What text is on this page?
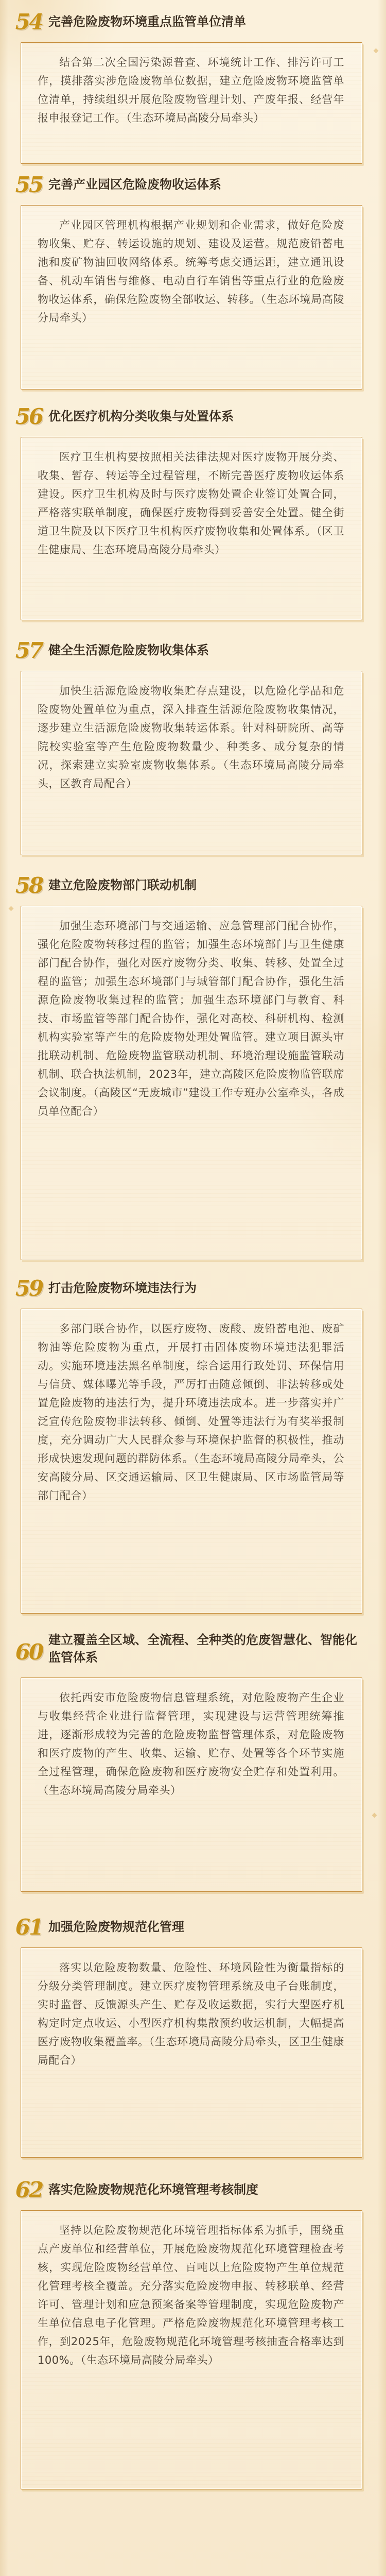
54 完善危险废物环境重点监管单位清单
结合第二次全国污染源普查、环境统计工作、排污许可工作，摸排落实涉危险废物单位数据，建立危险废物环境监管单位清单，持续组织开展危险废物管理计划、产废年报、经营年报申报登记工作。（生态环境局高陵分局牵头）
55 完善产业园区危险废物收运体系
产业园区管理机构根据产业规划和企业需求，做好危险废物收集、贮存、转运设施的规划、建设及运营。规范废铅蓄电池和废矿物油回收网络体系。统筹考虑交通运距，建立通讯设备、机动车销售与维修、电动自行车销售等重点行业的危险废物收运体系，确保危险废物全部收运、转移。（生态环境局高陵分局牵头）
56 优化医疗机构分类收集与处置体系
医疗卫生机构要按照相关法律法规对医疗废物开展分类、收集、暂存、转运等全过程管理，不断完善医疗废物收运体系建设。医疗卫生机构及时与医疗废物处置企业签订处置合同，严格落实联单制度，确保医疗废物得到妥善安全处置。健全街道卫生院及以下医疗卫生机构医疗废物收集和处置体系。（区卫生健康局、生态环境局高陵分局牵头）
57 健全生活源危险废物收集体系
加快生活源危险废物收集贮存点建设，以危险化学品和危险废物处置单位为重点，深入排查生活源危险废物收集情况，逐步建立生活源危险废物收集转运体系。针对科研院所、高等院校实验室等产生危险废物数量少、种类多、成分复杂的情况，探索建立实验室废物收集体系。（生态环境局高陵分局牵头，区教育局配合）
58 建立危险废物部门联动机制
加强生态环境部门与交通运输、应急管理部门配合协作，强化危险废物转移过程的监管；加强生态环境部门与卫生健康部门配合协作，强化对医疗废物分类、收集、转移、处置全过程的监管；加强生态环境部门与城管部门配合协作，强化生活源危险废物收集过程的监管；加强生态环境部门与教育、科技、市场监管等部门配合协作，强化对高校、科研机构、检测机构实验室等产生的危险废物处理处置监管。建立项目源头审批联动机制、危险废物监管联动机制、环境治理设施监管联动机制、联合执法机制，2023年，建立高陵区危险废物监管联席会议制度。（高陵区“无废城市”建设工作专班办公室牵头，各成员单位配合）
59 打击危险废物环境违法行为
多部门联合协作，以医疗废物、废酸、废铅蓄电池、废矿物油等危险废物为重点，开展打击固体废物环境违法犯罪活动。实施环境违法黑名单制度，综合运用行政处罚、环保信用与信贷、媒体曝光等手段，严厉打击随意倾倒、非法转移或处置危险废物的违法行为，提升环境违法成本。进一步落实并广泛宣传危险废物非法转移、倾倒、处置等违法行为有奖举报制度，充分调动广大人民群众参与环境保护监督的积极性，推动形成快速发现问题的群防体系。（生态环境局高陵分局牵头，公安高陵分局、区交通运输局、区卫生健康局、区市场监管局等部门配合）
60 建立覆盖全区域、全流程、全种类的危废智慧化、智能化监管体系
依托西安市危险废物信息管理系统，对危险废物产生企业与收集经营企业进行监督管理，实现建设与运营管理统筹推进，逐渐形成较为完善的危险废物监督管理体系，对危险废物和医疗废物的产生、收集、运输、贮存、处置等各个环节实施全过程管理，确保危险废物和医疗废物安全贮存和处置利用。（生态环境局高陵分局牵头）
61 加强危险废物规范化管理
落实以危险废物数量、危险性、环境风险性为衡量指标的分级分类管理制度。建立医疗废物管理系统及电子台账制度，实时监督、反馈源头产生、贮存及收运数据，实行大型医疗机构定时定点收运、小型医疗机构集散预约收运机制，大幅提高医疗废物收集覆盖率。（生态环境局高陵分局牵头，区卫生健康局配合）
62 落实危险废物规范化环境管理考核制度
坚持以危险废物规范化环境管理指标体系为抓手，围绕重点产废单位和经营单位，开展危险废物规范化环境管理检查考核，实现危险废物经营单位、百吨以上危险废物产生单位规范化管理考核全覆盖。充分落实危险废物申报、转移联单、经营许可、管理计划和应急预案备案等管理制度，实现危险废物产生单位信息电子化管理。严格危险废物规范化环境管理考核工作，到2025年，危险废物规范化环境管理考核抽查合格率达到100%。（生态环境局高陵分局牵头）
